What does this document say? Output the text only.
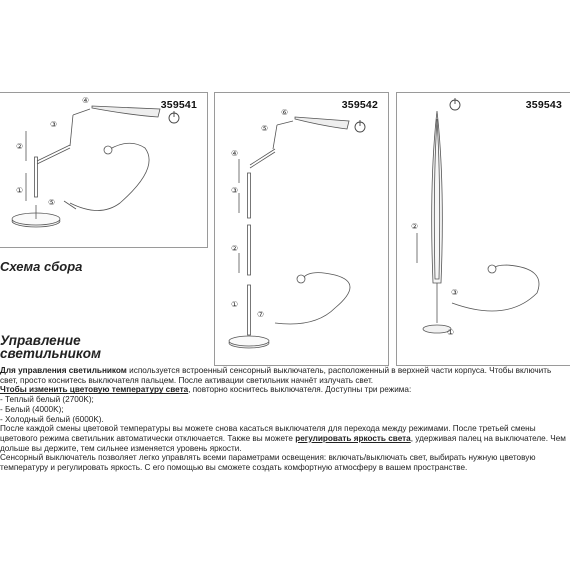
359541
①
②
③
④
⑤
359542
①
②
③
④
⑤
⑥
⑦
359543
①
②
③
Схема сбора
Управление
светильником

Для управления светильником используется встроенный сенсорный выключатель, расположенный в верхней части корпуса. Чтобы включить свет, просто коснитесь выключателя пальцем. После активации светильник начнёт излучать свет.

Чтобы изменить цветовую температуру света, повторно коснитесь выключателя. Доступны три режима:

- Теплый белый (2700K);

- Белый (4000K);

- Холодный белый (6000K).

После каждой смены цветовой температуры вы можете снова касаться выключателя для перехода между режимами. После третьей смены цветового режима светильник автоматически отключается. Также вы можете регулировать яркость света, удерживая палец на выключателе. Чем дольше вы держите, тем сильнее изменяется уровень яркости.

Сенсорный выключатель позволяет легко управлять всеми параметрами освещения: включать/выключать свет, выбирать нужную цветовую температуру и регулировать яркость. С его помощью вы сможете создать комфортную атмосферу в вашем пространстве.
